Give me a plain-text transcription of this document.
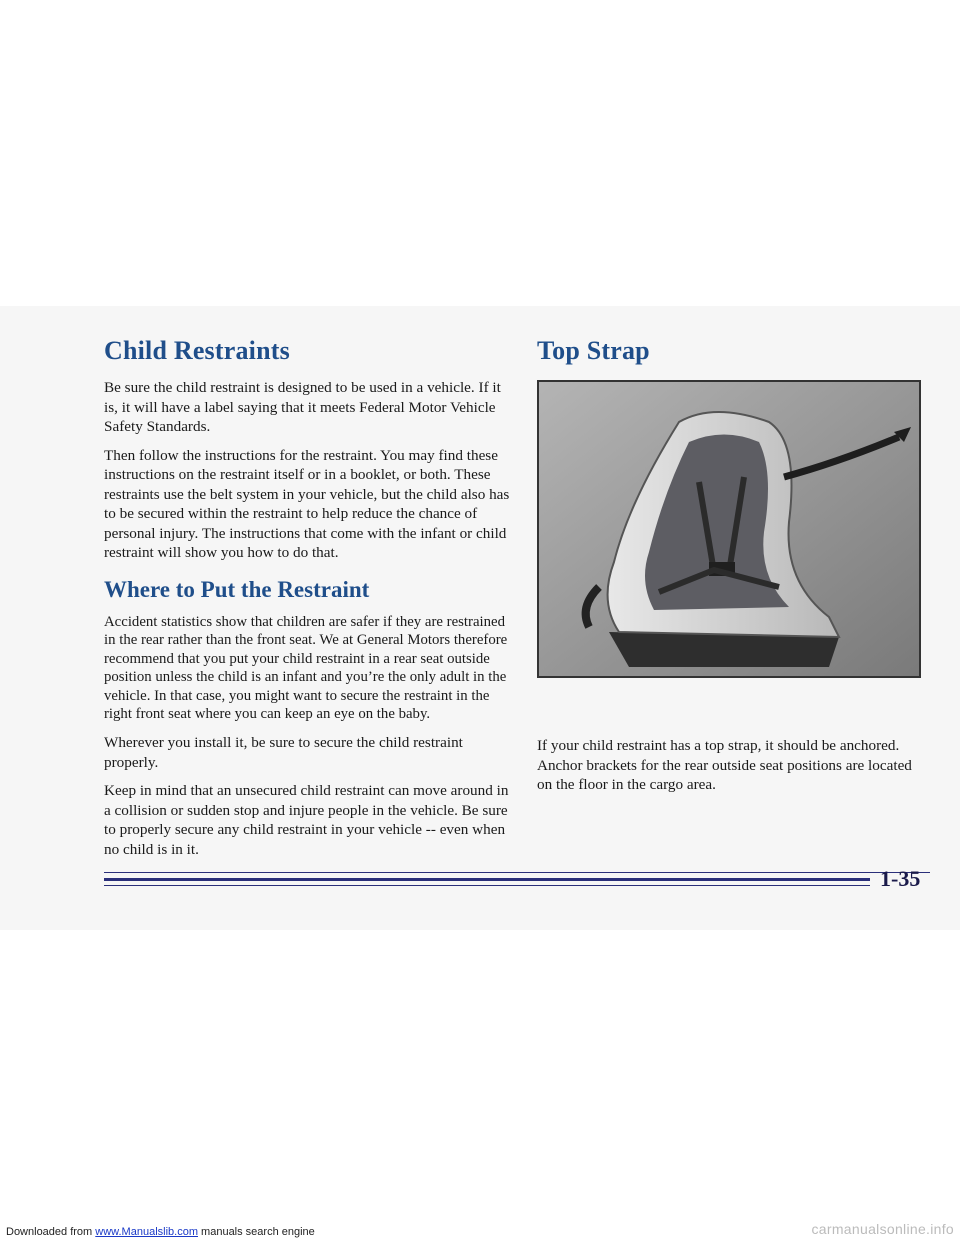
Child Restraints

Be sure the child restraint is designed to be used in a vehicle. If it is, it will have a label saying that it meets Federal Motor Vehicle Safety Standards.

Then follow the instructions for the restraint. You may find these instructions on the restraint itself or in a booklet, or both. These restraints use the belt system in your vehicle, but the child also has to be secured within the restraint to help reduce the chance of personal injury. The instructions that come with the infant or child restraint will show you how to do that.

Where to Put the Restraint

Accident statistics show that children are safer if they are restrained in the rear rather than the front seat. We at General Motors therefore recommend that you put your child restraint in a rear seat outside position unless the child is an infant and you’re the only adult in the vehicle. In that case, you might want to secure the restraint in the right front seat where you can keep an eye on the baby.

Wherever you install it, be sure to secure the child restraint properly.

Keep in mind that an unsecured child restraint can move around in a collision or sudden stop and injure people in the vehicle. Be sure to properly secure any child restraint in your vehicle -- even when no child is in it.

Top Strap

If your child restraint has a top strap, it should be anchored. Anchor brackets for the rear outside seat positions are located on the floor in the cargo area.

1-35
Downloaded from www.Manualslib.com manuals search engine	carmanualsonline.info
